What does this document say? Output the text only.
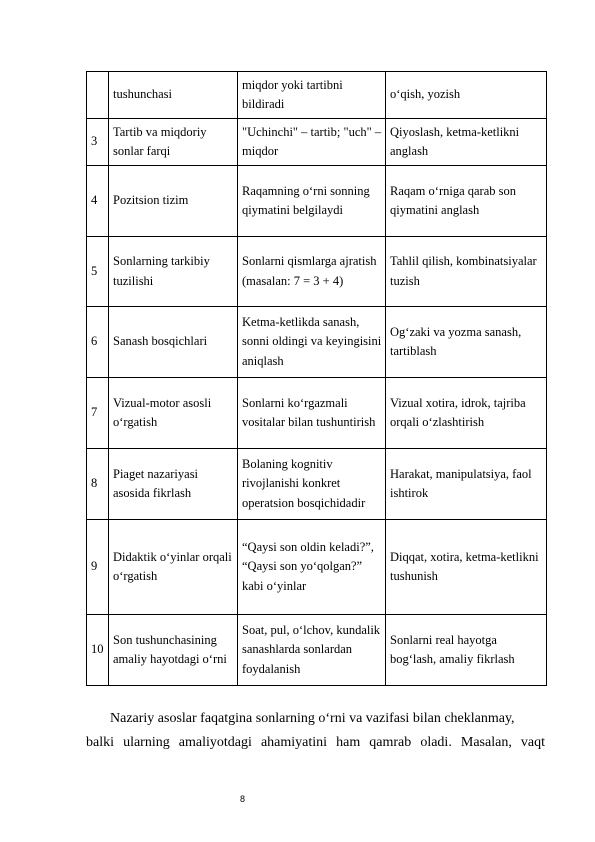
	tushunchasi	miqdor yoki tartibni bildiradi	o‘qish, yozish
3	Tartib va miqdoriy sonlar farqi	"Uchinchi" – tartib; "uch" – miqdor	Qiyoslash, ketma-ketlikni anglash
4	Pozitsion tizim	Raqamning o‘rni sonning qiymatini belgilaydi	Raqam o‘rniga qarab son qiymatini anglash
5	Sonlarning tarkibiy tuzilishi	Sonlarni qismlarga ajratish (masalan: 7 = 3 + 4)	Tahlil qilish, kombinatsiyalar tuzish
6	Sanash bosqichlari	Ketma-ketlikda sanash, sonni oldingi va keyingisini aniqlash	Og‘zaki va yozma sanash, tartiblash
7	Vizual-motor asosli o‘rgatish	Sonlarni ko‘rgazmali vositalar bilan tushuntirish	Vizual xotira, idrok, tajriba orqali o‘zlashtirish
8	Piaget nazariyasi asosida fikrlash	Bolaning kognitiv rivojlanishi konkret operatsion bosqichidadir	Harakat, manipulatsiya, faol ishtirok
9	Didaktik o‘yinlar orqali o‘rgatish	“Qaysi son oldin keladi?”, “Qaysi son yo‘qolgan?” kabi o‘yinlar	Diqqat, xotira, ketma-ketlikni tushunish
10	Son tushunchasining amaliy hayotdagi o‘rni	Soat, pul, o‘lchov, kundalik sanashlarda sonlardan foydalanish	Sonlarni real hayotga bog‘lash, amaliy fikrlash
Nazariy asoslar faqatgina sonlarning o‘rni va vazifasi bilan cheklanmay,
balki ularning amaliyotdagi ahamiyatini ham qamrab oladi. Masalan, vaqt
8
